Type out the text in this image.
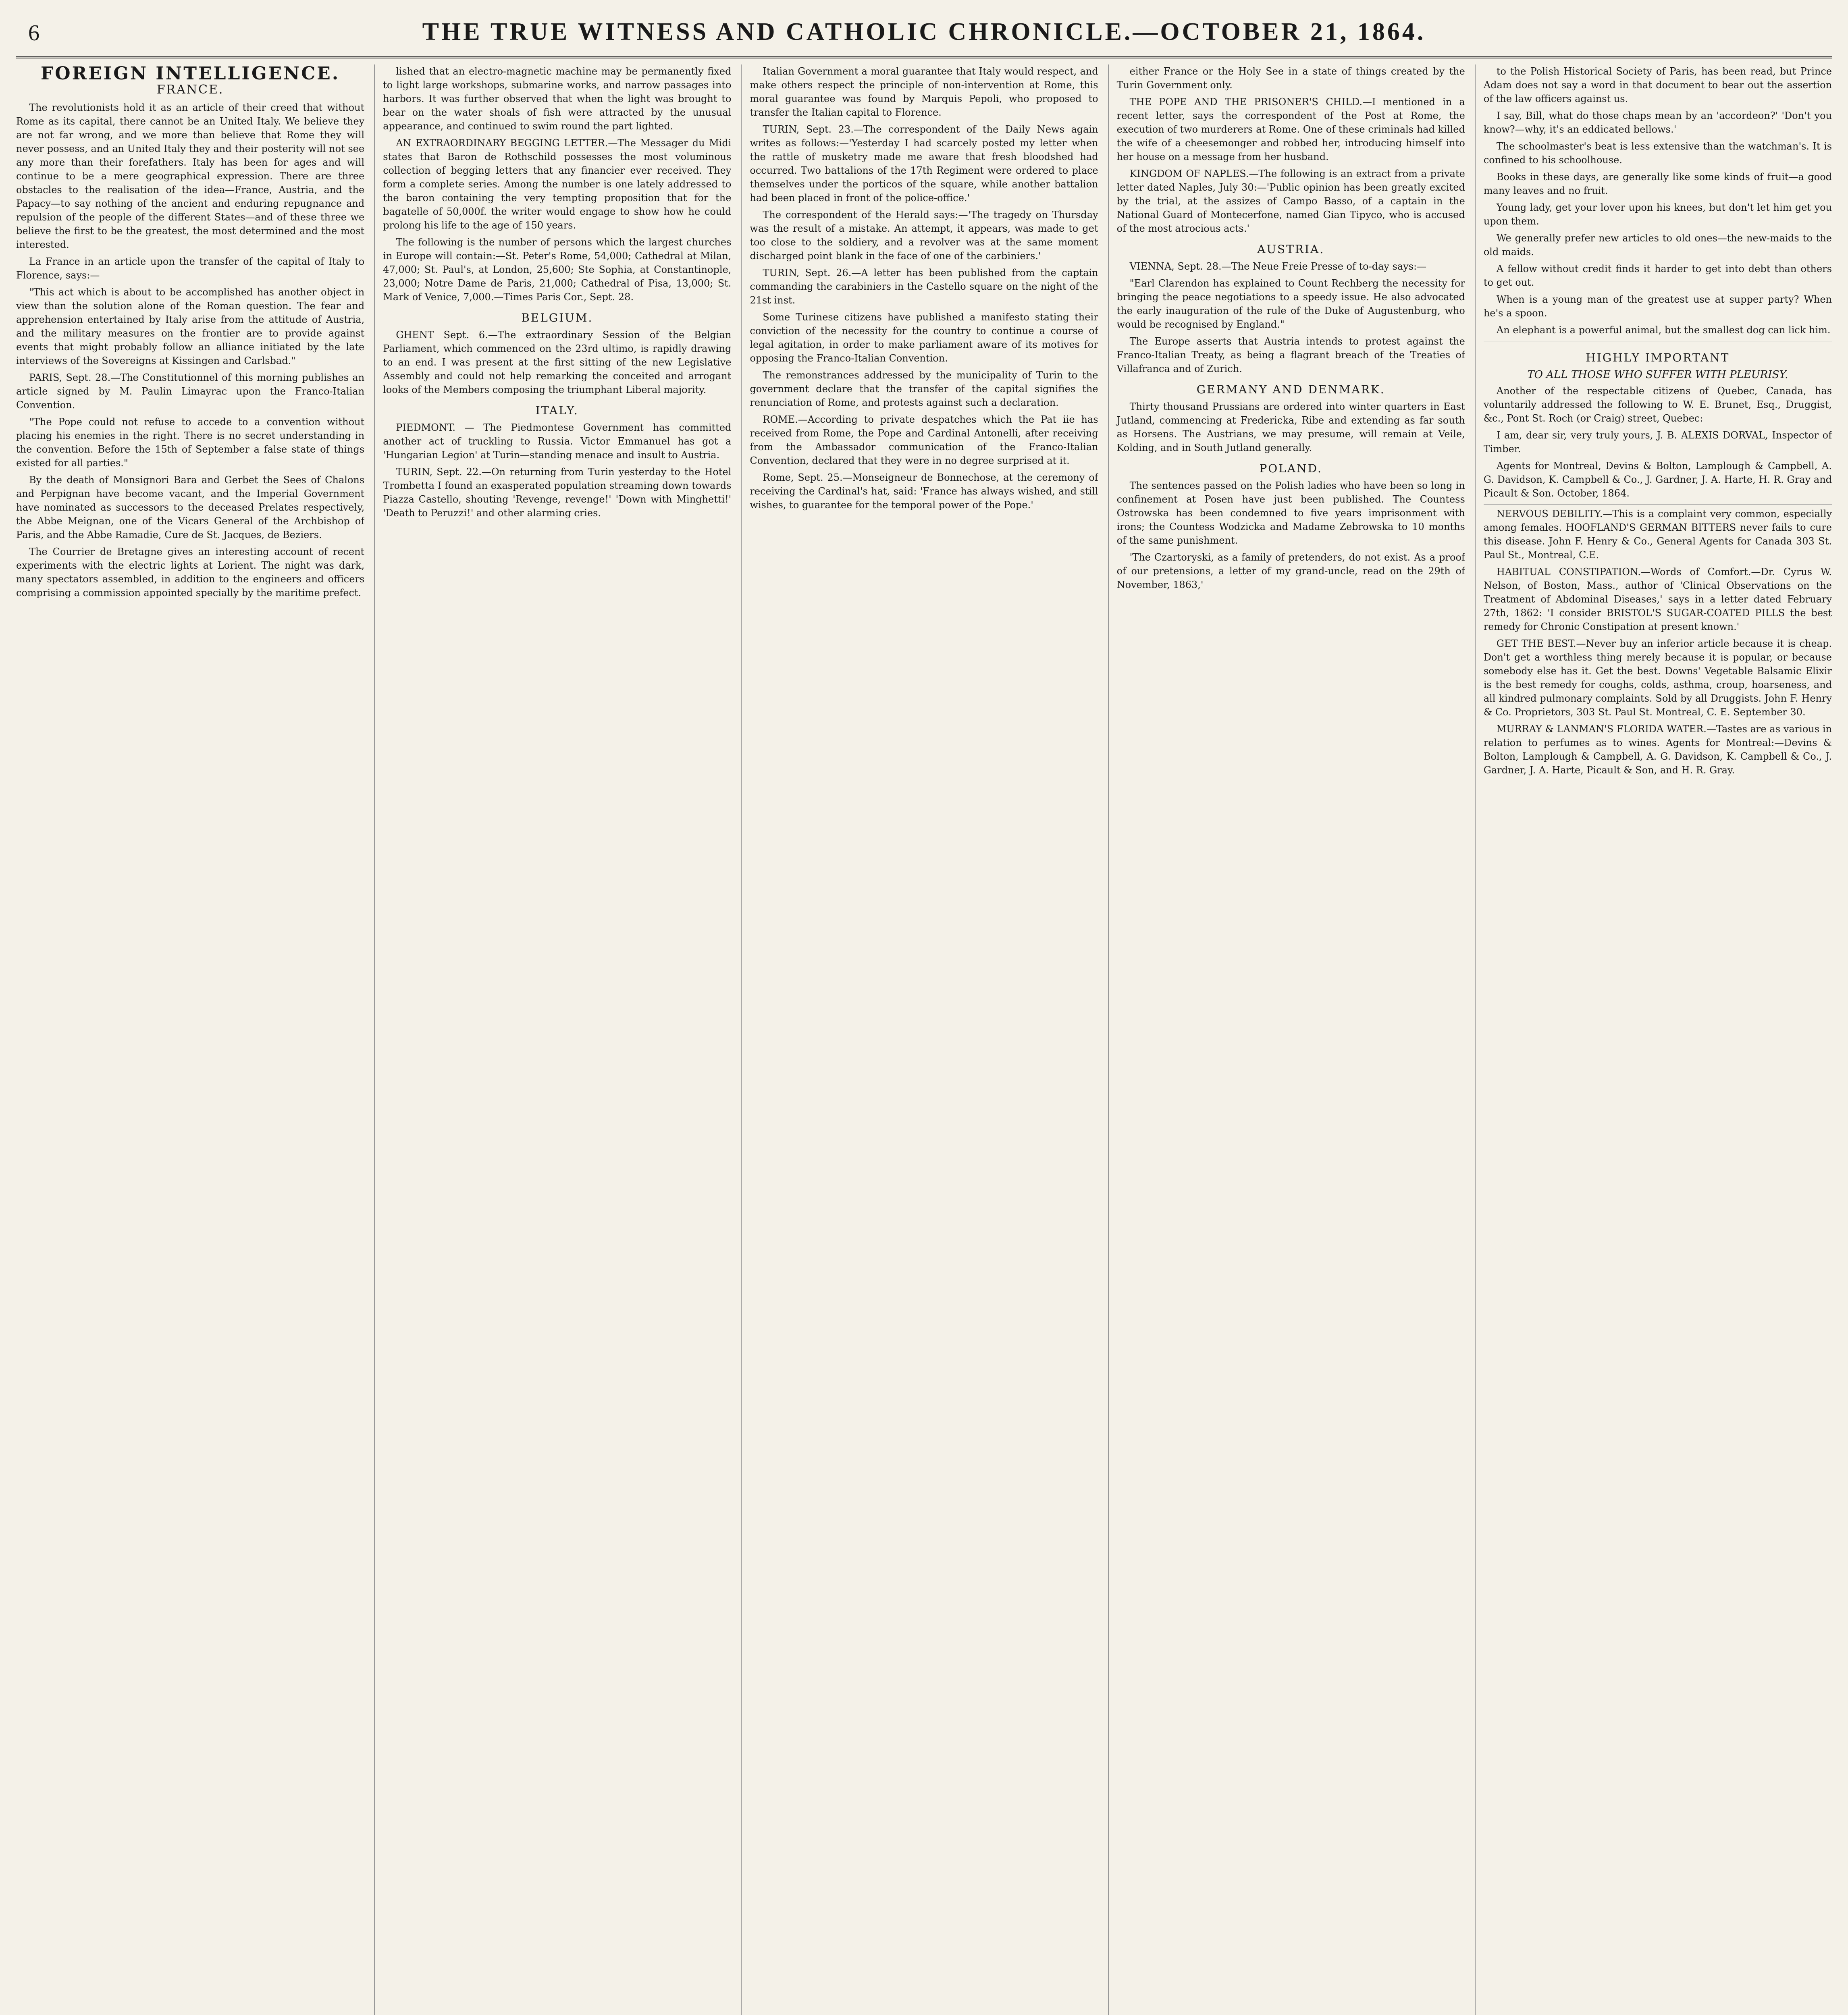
6	THE TRUE WITNESS AND CATHOLIC CHRONICLE.—OCTOBER 21, 1864.
FOREIGN INTELLIGENCE.
FRANCE.

The revolutionists hold it as an article of their creed that without Rome as its capital, there cannot be an United Italy. We believe they are not far wrong, and we more than believe that Rome they will never possess, and an United Italy they and their posterity will not see any more than their forefathers. Italy has been for ages and will continue to be a mere geographical expression. There are three obstacles to the realisation of the idea—France, Austria, and the Papacy—to say nothing of the ancient and enduring repugnance and repulsion of the people of the different States—and of these three we believe the first to be the greatest, the most determined and the most interested.

La France in an article upon the transfer of the capital of Italy to Florence, says:—

"This act which is about to be accomplished has another object in view than the solution alone of the Roman question. The fear and apprehension entertained by Italy arise from the attitude of Austria, and the military measures on the frontier are to provide against events that might probably follow an alliance initiated by the late interviews of the Sovereigns at Kissingen and Carlsbad."

PARIS, Sept. 28.—The Constitutionnel of this morning publishes an article signed by M. Paulin Limayrac upon the Franco-Italian Convention.

"The Pope could not refuse to accede to a convention without placing his enemies in the right. There is no secret understanding in the convention. Before the 15th of September a false state of things existed for all parties."

By the death of Monsignori Bara and Gerbet the Sees of Chalons and Perpignan have become vacant, and the Imperial Government have nominated as successors to the deceased Prelates respectively, the Abbe Meignan, one of the Vicars General of the Archbishop of Paris, and the Abbe Ramadie, Cure de St. Jacques, de Beziers.

The Courrier de Bretagne gives an interesting account of recent experiments with the electric lights at Lorient. The night was dark, many spectators assembled, in addition to the engineers and officers comprising a commission appointed specially by the maritime prefect.

lished that an electro-magnetic machine may be permanently fixed to light large workshops, submarine works, and narrow passages into harbors. It was further observed that when the light was brought to bear on the water shoals of fish were attracted by the unusual appearance, and continued to swim round the part lighted.

AN EXTRAORDINARY BEGGING LETTER.—The Messager du Midi states that Baron de Rothschild possesses the most voluminous collection of begging letters that any financier ever received. They form a complete series. Among the number is one lately addressed to the baron containing the very tempting proposition that for the bagatelle of 50,000f. the writer would engage to show how he could prolong his life to the age of 150 years.

The following is the number of persons which the largest churches in Europe will contain:—St. Peter's Rome, 54,000; Cathedral at Milan, 47,000; St. Paul's, at London, 25,600; Ste Sophia, at Constantinople, 23,000; Notre Dame de Paris, 21,000; Cathedral of Pisa, 13,000; St. Mark of Venice, 7,000.—Times Paris Cor., Sept. 28.

BELGIUM.

GHENT Sept. 6.—The extraordinary Session of the Belgian Parliament, which commenced on the 23rd ultimo, is rapidly drawing to an end. I was present at the first sitting of the new Legislative Assembly and could not help remarking the conceited and arrogant looks of the Members composing the triumphant Liberal majority.

ITALY.

PIEDMONT. — The Piedmontese Government has committed another act of truckling to Russia. Victor Emmanuel has got a 'Hungarian Legion' at Turin—standing menace and insult to Austria.

TURIN, Sept. 22.—On returning from Turin yesterday to the Hotel Trombetta I found an exasperated population streaming down towards Piazza Castello, shouting 'Revenge, revenge!' 'Down with Minghetti!' 'Death to Peruzzi!' and other alarming cries.

Italian Government a moral guarantee that Italy would respect, and make others respect the principle of non-intervention at Rome, this moral guarantee was found by Marquis Pepoli, who proposed to transfer the Italian capital to Florence.

TURIN, Sept. 23.—The correspondent of the Daily News again writes as follows:—'Yesterday I had scarcely posted my letter when the rattle of musketry made me aware that fresh bloodshed had occurred. Two battalions of the 17th Regiment were ordered to place themselves under the porticos of the square, while another battalion had been placed in front of the police-office.'

The correspondent of the Herald says:—'The tragedy on Thursday was the result of a mistake. An attempt, it appears, was made to get too close to the soldiery, and a revolver was at the same moment discharged point blank in the face of one of the carbiniers.'

TURIN, Sept. 26.—A letter has been published from the captain commanding the carabiniers in the Castello square on the night of the 21st inst.

Some Turinese citizens have published a manifesto stating their conviction of the necessity for the country to continue a course of legal agitation, in order to make parliament aware of its motives for opposing the Franco-Italian Convention.

The remonstrances addressed by the municipality of Turin to the government declare that the transfer of the capital signifies the renunciation of Rome, and protests against such a declaration.

ROME.—According to private despatches which the Pat iie has received from Rome, the Pope and Cardinal Antonelli, after receiving from the Ambassador communication of the Franco-Italian Convention, declared that they were in no degree surprised at it.

Rome, Sept. 25.—Monseigneur de Bonnechose, at the ceremony of receiving the Cardinal's hat, said: 'France has always wished, and still wishes, to guarantee for the temporal power of the Pope.'

either France or the Holy See in a state of things created by the Turin Government only.

THE POPE AND THE PRISONER'S CHILD.—I mentioned in a recent letter, says the correspondent of the Post at Rome, the execution of two murderers at Rome. One of these criminals had killed the wife of a cheesemonger and robbed her, introducing himself into her house on a message from her husband.

KINGDOM OF NAPLES.—The following is an extract from a private letter dated Naples, July 30:—'Public opinion has been greatly excited by the trial, at the assizes of Campo Basso, of a captain in the National Guard of Montecerfone, named Gian Tipyco, who is accused of the most atrocious acts.'

AUSTRIA.

VIENNA, Sept. 28.—The Neue Freie Presse of to-day says:—

"Earl Clarendon has explained to Count Rechberg the necessity for bringing the peace negotiations to a speedy issue. He also advocated the early inauguration of the rule of the Duke of Augustenburg, who would be recognised by England."

The Europe asserts that Austria intends to protest against the Franco-Italian Treaty, as being a flagrant breach of the Treaties of Villafranca and of Zurich.

GERMANY AND DENMARK.

Thirty thousand Prussians are ordered into winter quarters in East Jutland, commencing at Fredericka, Ribe and extending as far south as Horsens. The Austrians, we may presume, will remain at Veile, Kolding, and in South Jutland generally.

POLAND.

The sentences passed on the Polish ladies who have been so long in confinement at Posen have just been published. The Countess Ostrowska has been condemned to five years imprisonment with irons; the Countess Wodzicka and Madame Zebrowska to 10 months of the same punishment.

'The Czartoryski, as a family of pretenders, do not exist. As a proof of our pretensions, a letter of my grand-uncle, read on the 29th of November, 1863,'

to the Polish Historical Society of Paris, has been read, but Prince Adam does not say a word in that document to bear out the assertion of the law officers against us.

I say, Bill, what do those chaps mean by an 'accordeon?' 'Don't you know?—why, it's an eddicated bellows.'

The schoolmaster's beat is less extensive than the watchman's. It is confined to his schoolhouse.

Books in these days, are generally like some kinds of fruit—a good many leaves and no fruit.

Young lady, get your lover upon his knees, but don't let him get you upon them.

We generally prefer new articles to old ones—the new-maids to the old maids.

A fellow without credit finds it harder to get into debt than others to get out.

When is a young man of the greatest use at supper party? When he's a spoon.

An elephant is a powerful animal, but the smallest dog can lick him.

HIGHLY IMPORTANT
TO ALL THOSE WHO SUFFER WITH PLEURISY.

Another of the respectable citizens of Quebec, Canada, has voluntarily addressed the following to W. E. Brunet, Esq., Druggist, &c., Pont St. Roch (or Craig) street, Quebec:

I am, dear sir, very truly yours, J. B. ALEXIS DORVAL, Inspector of Timber.

Agents for Montreal, Devins & Bolton, Lamplough & Campbell, A. G. Davidson, K. Campbell & Co., J. Gardner, J. A. Harte, H. R. Gray and Picault & Son. October, 1864.

NERVOUS DEBILITY.—This is a complaint very common, especially among females. HOOFLAND'S GERMAN BITTERS never fails to cure this disease. John F. Henry & Co., General Agents for Canada 303 St. Paul St., Montreal, C.E.

HABITUAL CONSTIPATION.—Words of Comfort.—Dr. Cyrus W. Nelson, of Boston, Mass., author of 'Clinical Observations on the Treatment of Abdominal Diseases,' says in a letter dated February 27th, 1862: 'I consider BRISTOL'S SUGAR-COATED PILLS the best remedy for Chronic Constipation at present known.'

GET THE BEST.—Never buy an inferior article because it is cheap. Don't get a worthless thing merely because it is popular, or because somebody else has it. Get the best. Downs' Vegetable Balsamic Elixir is the best remedy for coughs, colds, asthma, croup, hoarseness, and all kindred pulmonary complaints. Sold by all Druggists. John F. Henry & Co. Proprietors, 303 St. Paul St. Montreal, C. E. September 30.

MURRAY & LANMAN'S FLORIDA WATER.—Tastes are as various in relation to perfumes as to wines. Agents for Montreal:—Devins & Bolton, Lamplough & Campbell, A. G. Davidson, K. Campbell & Co., J. Gardner, J. A. Harte, Picault & Son, and H. R. Gray.
